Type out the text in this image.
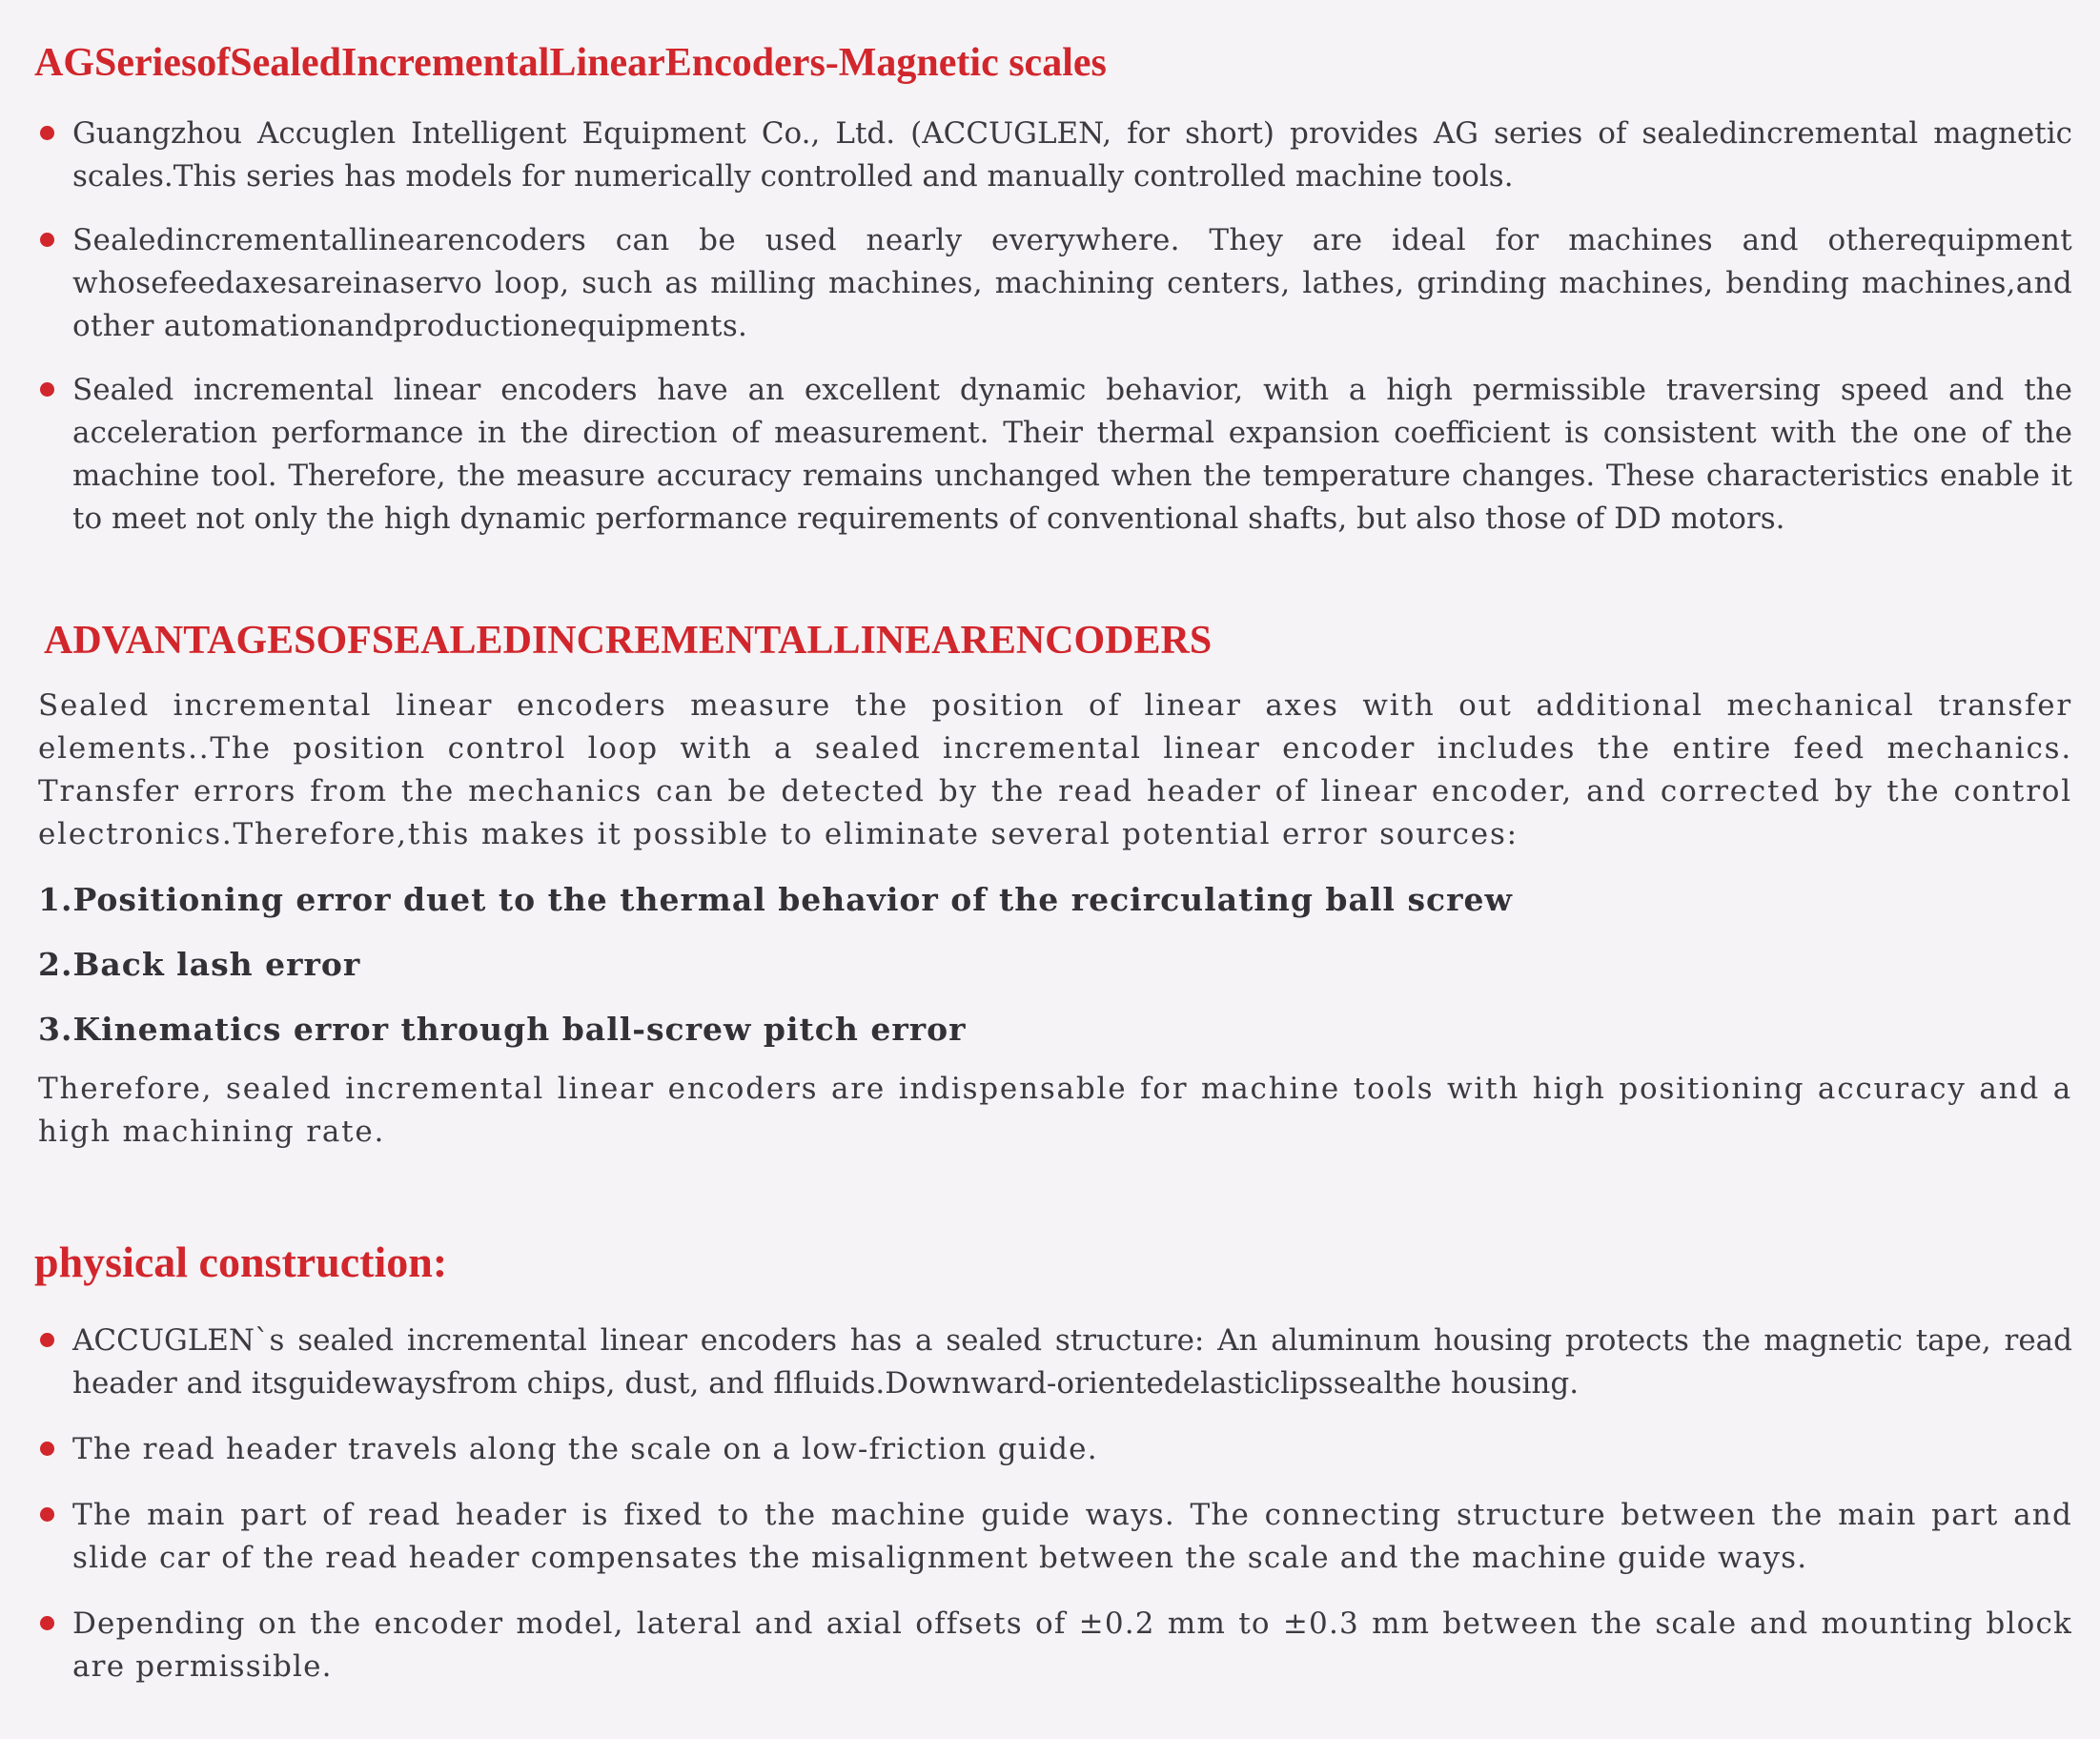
AGSeriesofSealedIncrementalLinearEncoders-Magnetic scales
Guangzhou Accuglen Intelligent Equipment Co., Ltd. (ACCUGLEN, for short) provides AG series of sealedincremental magnetic scales.This series has models for numerically controlled and manually controlled machine tools.
Sealedincrementallinearencoders can be used nearly everywhere. They are ideal for machines and otherequipment whosefeedaxesareinaservo loop, such as milling machines, machining centers, lathes, grinding machines, bending machines,and other automationandproductionequipments.
Sealed incremental linear encoders have an excellent dynamic behavior, with a high permissible traversing speed and the acceleration performance in the direction of measurement. Their thermal expansion coefficient is consistent with the one of the machine tool. Therefore, the measure accuracy remains unchanged when the temperature changes. These characteristics enable it to meet not only the high dynamic performance requirements of conventional shafts, but also those of DD motors.
ADVANTAGESOFSEALEDINCREMENTALLINEARENCODERS

Sealed incremental linear encoders measure the position of linear axes with out additional mechanical transfer elements..The position control loop with a sealed incremental linear encoder includes the entire feed mechanics. Transfer errors from the mechanics can be detected by the read header of linear encoder, and corrected by the control electronics.Therefore,this makes it possible to eliminate several potential error sources:

1.Positioning error duet to the thermal behavior of the recirculating ball screw

2.Back lash error

3.Kinematics error through ball-screw pitch error

Therefore, sealed incremental linear encoders are indispensable for machine tools with high positioning accuracy and a high machining rate.

physical construction:
ACCUGLEN`s sealed incremental linear encoders has a sealed structure: An aluminum housing protects the magnetic tape, read header and itsguidewaysfrom chips, dust, and flfluids.Downward-orientedelasticlipssealthe housing.
The read header travels along the scale on a low-friction guide.
The main part of read header is fixed to the machine guide ways. The connecting structure between the main part and slide car of the read header compensates the misalignment between the scale and the machine guide ways.
Depending on the encoder model, lateral and axial offsets of ±0.2 mm to ±0.3 mm between the scale and mounting block are permissible.
